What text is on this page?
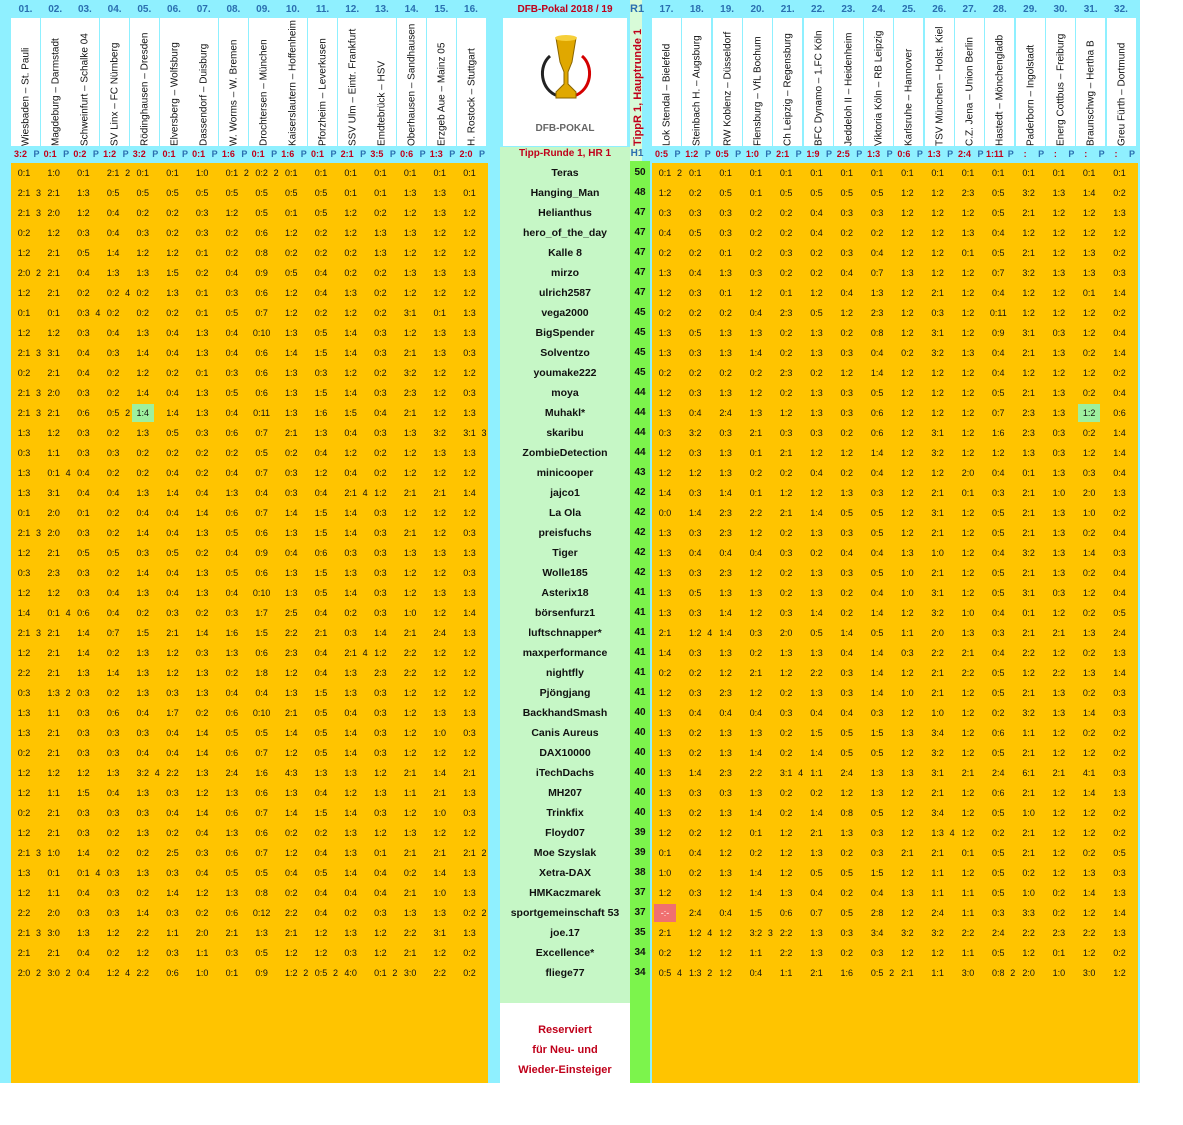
01.
Wiesbaden – St. Pauli
3:2 P
02.
Magdeburg – Darmstadt
0:1 P
03.
Schweinfurt – Schalke 04
0:2 P
04.
SV Linx – FC Nürnberg
1:2 P
05.
Rödinghausen – Dresden
3:2 P
06.
Elversberg – Wolfsburg
0:1 P
07.
Dassendorf – Duisburg
0:1 P
08.
W. Worms – W. Bremen
1:6 P
09.
Drochtersen – München
0:1 P
10.
Kaiserslautern – Hoffenheim
1:6 P
11.
Pforzheim – Leverkusen
0:1 P
12.
SSV Ulm – Eintr. Frankfurt
2:1 P
13.
Emdtebrück – HSV
3:5 P
14.
Oberhausen – Sandhausen
0:6 P
15.
Erzgeb Aue – Mainz 05
1:3 P
16.
H. Rostock – Stuttgart
2:0 P
17.
Lok Stendal – Bielefeld
0:5 P
18.
Steinbach H. – Augsburg
1:2 P
19.
RW Koblenz – Düsseldorf
0:5 P
20.
Flensburg – VfL Bochum
1:0 P
21.
Ch Leipzig – Regensburg
2:1 P
22.
BFC Dynamo – 1.FC Köln
1:9 P
23.
Jeddeloh II – Heidenheim
2:5 P
24.
Viktoria Köln – RB Leipzig
1:3 P
25.
Karlsruhe – Hannover
0:6 P
26.
TSV München – Holst. Kiel
1:3 P
27.
C.Z. Jena – Union Berlin
2:4 P
28.
Hastedt – Mönchengladb
1:11 P
29.
Paderborn – Ingolstadt
:	P
30.
Energ Cottbus – Freiburg
:	P
31.
Braunschwg – Hertha B
:	P
32.
Greu Fürth – Dortmund
:	P
DFB-Pokal 2018 / 19
DFB-POKAL
R1
TippR 1, Hauptrunde 1
Tipp-Runde 1, HR 1	H1
Teras	50
0:1	1:0	0:1	2:1 2 0:1	0:1	1:0	0:1 2 0:2 2 0:1	0:1	0:1	0:1	0:1	0:1	0:1	0:1 2 0:1	0:1	0:1	0:1	0:1	0:1	0:1	0:1	0:1	0:1	0:1	0:1	0:1	0:1	0:1
Hanging_Man	48
2:1 3 2:1	1:3	0:5	0:5	0:5	0:5	0:5	0:5	0:5	0:5	0:1	0:1	1:3	1:3	0:1	1:2	0:2	0:5	0:1	0:5	0:5	0:5	0:5	1:2	1:2	2:3	0:5	3:2	1:3	1:4	0:2
Helianthus	47
2:1 3 2:0	1:2	0:4	0:2	0:2	0:3	1:2	0:5	0:1	0:5	1:2	0:2	1:2	1:3	1:2	0:3	0:3	0:3	0:2	0:2	0:4	0:3	0:3	1:2	1:2	1:2	0:5	2:1	1:2	1:2	1:3
hero_of_the_day	47
0:2	1:2	0:3	0:4	0:3	0:2	0:3	0:2	0:6	1:2	0:2	1:2	1:3	1:3	1:2	1:2	0:4	0:5	0:3	0:2	0:2	0:4	0:2	0:2	1:2	1:2	1:3	0:4	1:2	1:2	1:2	1:2
Kalle 8	47
1:2	2:1	0:5	1:4	1:2	1:2	0:1	0:2	0:8	0:2	0:2	0:2	1:3	1:2	1:2	1:2	0:2	0:2	0:1	0:2	0:3	0:2	0:3	0:4	1:2	1:2	0:1	0:5	2:1	1:2	1:3	0:2
mirzo	47
2:0 2 2:1	0:4	1:3	1:3	1:5	0:2	0:4	0:9	0:5	0:4	0:2	0:2	1:3	1:3	1:3	1:3	0:4	1:3	0:3	0:2	0:2	0:4	0:7	1:3	1:2	1:2	0:7	3:2	1:3	1:3	0:3
ulrich2587	47
1:2	2:1	0:2	0:2 4 0:2	1:3	0:1	0:3	0:6	1:2	0:4	1:3	0:2	1:2	1:2	1:2	1:2	0:3	0:1	1:2	0:1	1:2	0:4	1:3	1:2	2:1	1:2	0:4	1:2	1:2	0:1	1:4
vega2000	45
0:1	0:1	0:3 4 0:2	0:2	0:2	0:1	0:5	0:7	1:2	0:2	1:2	0:2	3:1	0:1	1:3	0:2	0:2	0:2	0:4	2:3	0:5	1:2	2:3	1:2	0:3	1:2	0:11	1:2	1:2	1:2	0:2
BigSpender	45
1:2	1:2	0:3	0:4	1:3	0:4	1:3	0:4	0:10	1:3	0:5	1:4	0:3	1:2	1:3	1:3	1:3	0:5	1:3	1:3	0:2	1:3	0:2	0:8	1:2	3:1	1:2	0:9	3:1	0:3	1:2	0:4
Solventzo	45
2:1 3 3:1	0:4	0:3	1:4	0:4	1:3	0:4	0:6	1:4	1:5	1:4	0:3	2:1	1:3	0:3	1:3	0:3	1:3	1:4	0:2	1:3	0:3	0:4	0:2	3:2	1:3	0:4	2:1	1:3	0:2	1:4
youmake222	45
0:2	2:1	0:4	0:2	1:2	0:2	0:1	0:3	0:6	1:3	0:3	1:2	0:2	3:2	1:2	1:2	0:2	0:2	0:2	0:2	2:3	0:2	1:2	1:4	1:2	1:2	1:2	0:4	1:2	1:2	1:2	0:2
moya	44
2:1 3 2:0	0:3	0:2	1:4	0:4	1:3	0:5	0:6	1:3	1:5	1:4	0:3	2:3	1:2	0:3	1:2	0:3	1:3	1:2	0:2	1:3	0:3	0:5	1:2	1:2	1:2	0:5	2:1	1:3	0:2	0:4
Muhakl*	44
2:1 3 2:1	0:6	0:5 2 1:4	1:4	1:3	0:4	0:11	1:3	1:6	1:5	0:4	2:1	1:2	1:3	1:3	0:4	2:4	1:3	1:2	1:3	0:3	0:6	1:2	1:2	1:2	0:7	2:3	1:3	1:2	0:6
skaribu	44
1:3	1:2	0:3	0:2	1:3	0:5	0:3	0:6	0:7	2:1	1:3	0:4	0:3	1:3	3:2	3:1 3	0:3	3:2	0:3	2:1	0:3	0:3	0:2	0:6	1:2	3:1	1:2	1:6	2:3	0:3	0:2	1:4
ZombieDetection	44
0:3	1:1	0:3	0:3	0:2	0:2	0:2	0:2	0:5	0:2	0:4	1:2	0:2	1:2	1:3	1:3	1:2	0:3	1:3	0:1	2:1	1:2	1:2	1:4	1:2	3:2	1:2	1:2	1:3	0:3	1:2	1:4
minicooper	43
1:3	0:1 4 0:4	0:2	0:2	0:4	0:2	0:4	0:7	0:3	1:2	0:4	0:2	1:2	1:2	1:2	1:2	1:2	1:3	0:2	0:2	0:4	0:2	0:4	1:2	1:2	2:0	0:4	0:1	1:3	0:3	0:4
jajco1	42
1:3	3:1	0:4	0:4	1:3	1:4	0:4	1:3	0:4	0:3	0:4	2:1 4 1:2	2:1	2:1	1:4	1:4	0:3	1:4	0:1	1:2	1:2	1:3	0:3	1:2	2:1	0:1	0:3	2:1	1:0	2:0	1:3
La Ola	42
0:1	2:0	0:1	0:2	0:4	0:4	1:4	0:6	0:7	1:4	1:5	1:4	0:3	1:2	1:2	1:2	0:0	1:4	2:3	2:2	2:1	1:4	0:5	0:5	1:2	3:1	1:2	0:5	2:1	1:3	1:0	0:2
preisfuchs	42
2:1 3 2:0	0:3	0:2	1:4	0:4	1:3	0:5	0:6	1:3	1:5	1:4	0:3	2:1	1:2	0:3	1:3	0:3	2:3	1:2	0:2	1:3	0:3	0:5	1:2	2:1	1:2	0:5	2:1	1:3	0:2	0:4
Tiger	42
1:2	2:1	0:5	0:5	0:3	0:5	0:2	0:4	0:9	0:4	0:6	0:3	0:3	1:3	1:3	1:3	1:3	0:4	0:4	0:4	0:3	0:2	0:4	0:4	1:3	1:0	1:2	0:4	3:2	1:3	1:4	0:3
Wolle185	42
0:3	2:3	0:3	0:2	1:4	0:4	1:3	0:5	0:6	1:3	1:5	1:3	0:3	1:2	1:2	0:3	1:3	0:3	2:3	1:2	0:2	1:3	0:3	0:5	1:0	2:1	1:2	0:5	2:1	1:3	0:2	0:4
Asterix18	41
1:2	1:2	0:3	0:4	1:3	0:4	1:3	0:4	0:10	1:3	0:5	1:4	0:3	1:2	1:3	1:3	1:3	0:5	1:3	1:3	0:2	1:3	0:2	0:4	1:0	3:1	1:2	0:5	3:1	0:3	1:2	0:4
börsenfurz1	41
1:4	0:1 4 0:6	0:4	0:2	0:3	0:2	0:3	1:7	2:5	0:4	0:2	0:3	1:0	1:2	1:4	1:3	0:3	1:4	1:2	0:3	1:4	0:2	1:4	1:2	3:2	1:0	0:4	0:1	1:2	0:2	0:5
luftschnapper*	41
2:1 3 2:1	1:4	0:7	1:5	2:1	1:4	1:6	1:5	2:2	2:1	0:3	1:4	2:1	2:4	1:3	2:1	1:2 4 1:4	0:3	2:0	0:5	1:4	0:5	1:1	2:0	1:3	0:3	2:1	2:1	1:3	2:4
maxperformance	41
1:2	2:1	1:4	0:2	1:3	1:2	0:3	1:3	0:6	2:3	0:4	2:1 4 1:2	2:2	1:2	1:2	1:4	0:3	1:3	0:2	1:3	1:3	0:4	1:4	0:3	2:2	2:1	0:4	2:2	1:2	0:2	1:3
nightfly	41
2:2	2:1	1:3	1:4	1:3	1:2	1:3	0:2	1:8	1:2	0:4	1:3	2:3	2:2	1:2	1:2	0:2	0:2	1:2	2:1	1:2	2:2	0:3	1:4	1:2	2:1	2:2	0:5	1:2	2:2	1:3	1:4
Pjöngjang	41
0:3	1:3 2 0:3	0:2	1:3	0:3	1:3	0:4	0:4	1:3	1:5	1:3	0:3	1:2	1:2	1:2	1:2	0:3	2:3	1:2	0:2	1:3	0:3	1:4	1:0	2:1	1:2	0:5	2:1	1:3	0:2	0:3
BackhandSmash	40
1:3	1:1	0:3	0:6	0:4	1:7	0:2	0:6	0:10	2:1	0:5	0:4	0:3	1:2	1:3	1:3	1:3	0:4	0:4	0:4	0:3	0:4	0:4	0:3	1:2	1:0	1:2	0:2	3:2	1:3	1:4	0:3
Canis Aureus	40
1:3	2:1	0:3	0:3	0:3	0:4	1:4	0:5	0:5	1:4	0:5	1:4	0:3	1:2	1:0	0:3	1:3	0:2	1:3	1:3	0:2	1:5	0:5	1:5	1:3	3:4	1:2	0:6	1:1	1:2	0:2	0:2
DAX10000	40
0:2	2:1	0:3	0:3	0:4	0:4	1:4	0:6	0:7	1:2	0:5	1:4	0:3	1:2	1:2	1:2	1:3	0:2	1:3	1:4	0:2	1:4	0:5	0:5	1:2	3:2	1:2	0:5	2:1	1:2	1:2	0:2
iTechDachs	40
1:2	1:2	1:2	1:3	3:2 4 2:2	1:3	2:4	1:6	4:3	1:3	1:3	1:2	2:1	1:4	2:1	1:3	1:4	2:3	2:2	3:1 4 1:1	2:4	1:3	1:3	3:1	2:1	2:4	6:1	2:1	4:1	0:3
MH207	40
1:2	1:1	1:5	0:4	1:3	0:3	1:2	1:3	0:6	1:3	0:4	1:2	1:3	1:1	2:1	1:3	1:3	0:3	0:3	1:3	0:2	0:2	1:2	1:3	1:2	2:1	1:2	0:6	2:1	1:2	1:4	1:3
Trinkfix	40
0:2	2:1	0:3	0:3	0:3	0:4	1:4	0:6	0:7	1:4	1:5	1:4	0:3	1:2	1:0	0:3	1:3	0:2	1:3	1:4	0:2	1:4	0:8	0:5	1:2	3:4	1:2	0:5	1:0	1:2	1:2	0:2
Floyd07	39
1:2	2:1	0:3	0:2	1:3	0:2	0:4	1:3	0:6	0:2	0:2	1:3	1:2	1:3	1:2	1:2	1:2	0:2	1:2	0:1	1:2	2:1	1:3	0:3	1:2	1:3 4 1:2	0:2	2:1	1:2	1:2	0:2
Moe Szyslak	39
2:1 3 1:0	1:4	0:2	0:2	2:5	0:3	0:6	0:7	1:2	0:4	1:3	0:1	2:1	2:1	2:1 2	0:1	0:4	1:2	0:2	1:2	1:3	0:2	0:3	2:1	2:1	0:1	0:5	2:1	1:2	0:2	0:5
Xetra-DAX	38
1:3	0:1	0:1 4 0:3	1:3	0:3	0:4	0:5	0:5	0:4	0:5	1:4	0:4	0:2	1:4	1:3	1:0	0:2	1:3	1:4	1:2	0:5	0:5	1:5	1:2	1:1	1:2	0:5	0:2	1:2	1:3	0:3
HMKaczmarek	37
1:2	1:1	0:4	0:3	0:2	1:4	1:2	1:3	0:8	0:2	0:4	0:4	0:4	2:1	1:0	1:3	1:2	0:3	1:2	1:4	1:3	0:4	0:2	0:4	1:3	1:1	1:1	0:5	1:0	0:2	1:4	1:3
sportgemeinschaft 53	37
2:2	2:0	0:3	0:3	1:4	0:3	0:2	0:6	0:12	2:2	0:4	0:2	0:3	1:3	1:3	0:2 2	-:-	2:4	0:4	1:5	0:6	0:7	0:5	2:8	1:2	2:4	1:1	0:3	3:3	0:2	1:2	1:4
joe.17	35
2:1 3 3:0	1:3	1:2	2:2	1:1	2:0	2:1	1:3	2:1	1:2	1:3	1:2	2:2	3:1	1:3	2:1	1:2 4 1:2	3:2 3 2:2	1:3	0:3	3:4	3:2	3:2	2:2	2:4	2:2	2:3	2:2	1:3
Excellence*	34
2:1	2:1	0:4	0:2	1:2	0:3	1:1	0:3	0:5	1:2	1:2	0:3	1:2	2:1	1:2	0:2	0:2	1:2	1:2	1:1	2:2	1:3	0:2	0:3	1:2	1:2	1:1	0:5	1:2	0:1	1:2	0:2
fliege77	34
2:0 2 3:0 2 0:4	1:2 4 2:2	0:6	1:0	0:1	0:9	1:2 2 0:5 2 4:0	0:1 2 3:0	2:2	0:2	0:5 4 1:3 2 1:2	0:4	1:1	2:1	1:6	0:5 2 2:1	1:1	3:0	0:8 2 2:0	1:0	3:0	1:2
Reserviert
für Neu- und
Wieder-Einsteiger
